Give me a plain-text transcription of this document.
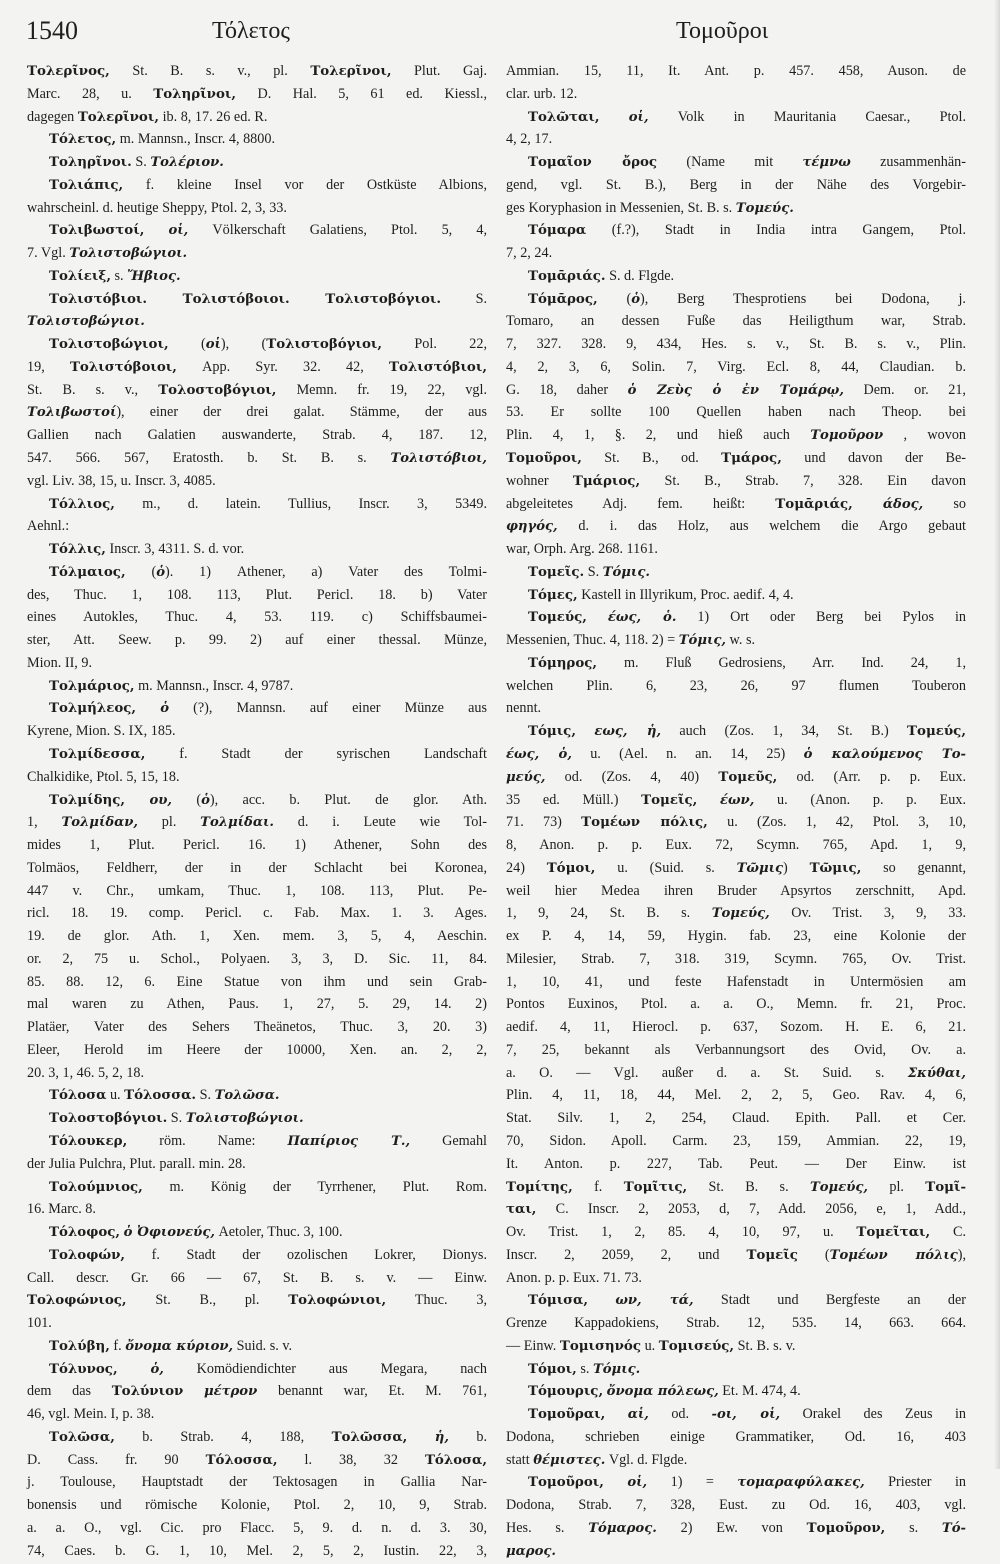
1540	Τόλετος	Τομοῦροι
Τολερῖνος, St. B. s. v., pl. Τολερῖνοι, Plut. Gaj.
Marc. 28, u. Τοληρῖνοι, D. Hal. 5, 61 ed. Kiessl.,
dagegen Τολερῖνοι, ib. 8, 17. 26 ed. R.
Τόλετος, m. Mannsn., Inscr. 4, 8800.
Τοληρῖνοι. S. Τολέριον.
Τολιάπις, f. kleine Insel vor der Ostküste Albions,
wahrscheinl. d. heutige Sheppy, Ptol. 2, 3, 33.
Τολιβωστοί, οἱ, Völkerschaft Galatiens, Ptol. 5, 4,
7. Vgl. Τολιστοβώγιοι.
Τολίειξ, s. Ἤβιος.
Τολιστόβιοι. Τολιστόβοιοι. Τολιστοβόγιοι. S.
Τολιστοβώγιοι.
Τολιστοβώγιοι, (οἱ), (Τολιστοβόγιοι, Pol. 22,
19, Τολιστόβοιοι, App. Syr. 32. 42, Τολιστόβιοι,
St. B. s. v., Τολοστοβόγιοι, Memn. fr. 19, 22, vgl.
Τολιβωστοί), einer der drei galat. Stämme, der aus
Gallien nach Galatien auswanderte, Strab. 4, 187. 12,
547. 566. 567, Eratosth. b. St. B. s. Τολιστόβιοι,
vgl. Liv. 38, 15, u. Inscr. 3, 4085.
Τόλλιος, m., d. latein. Tullius, Inscr. 3, 5349.
Aehnl.:
Τόλλις, Inscr. 3, 4311. S. d. vor.
Τόλμαιος, (ὁ). 1) Athener, a) Vater des Tolmi-
des, Thuc. 1, 108. 113, Plut. Pericl. 18. b) Vater
eines Autokles, Thuc. 4, 53. 119. c) Schiffsbaumei-
ster, Att. Seew. p. 99. 2) auf einer thessal. Münze,
Mion. II, 9.
Τολμάριος, m. Mannsn., Inscr. 4, 9787.
Τολμήλεος, ὁ (?), Mannsn. auf einer Münze aus
Kyrene, Mion. S. IX, 185.
Τολμίδεσσα, f. Stadt der syrischen Landschaft
Chalkidike, Ptol. 5, 15, 18.
Τολμίδης, ου, (ὁ), acc. b. Plut. de glor. Ath.
1, Τολμίδαν, pl. Τολμίδαι. d. i. Leute wie Tol-
mides 1, Plut. Pericl. 16. 1) Athener, Sohn des
Tolmäos, Feldherr, der in der Schlacht bei Koronea,
447 v. Chr., umkam, Thuc. 1, 108. 113, Plut. Pe-
ricl. 18. 19. comp. Pericl. c. Fab. Max. 1. 3. Ages.
19. de glor. Ath. 1, Xen. mem. 3, 5, 4, Aeschin.
or. 2, 75 u. Schol., Polyaen. 3, 3, D. Sic. 11, 84.
85. 88. 12, 6. Eine Statue von ihm und sein Grab-
mal waren zu Athen, Paus. 1, 27, 5. 29, 14. 2)
Platäer, Vater des Sehers Theänetos, Thuc. 3, 20. 3)
Eleer, Herold im Heere der 10000, Xen. an. 2, 2,
20. 3, 1, 46. 5, 2, 18.
Τόλοσα u. Τόλοσσα. S. Τολῶσα.
Τολοστοβόγιοι. S. Τολιστοβώγιοι.
Τόλουκερ, röm. Name: Παπίριος Τ., Gemahl
der Julia Pulchra, Plut. parall. min. 28.
Τολούμνιος, m. König der Tyrrhener, Plut. Rom.
16. Marc. 8.
Τόλοφος, ὁ Ὀφιονεύς, Aetoler, Thuc. 3, 100.
Τολοφών, f. Stadt der ozolischen Lokrer, Dionys.
Call. descr. Gr. 66 — 67, St. B. s. v. — Einw.
Τολοφώνιος, St. B., pl. Τολοφώνιοι, Thuc. 3,
101.
Τολύβη, f. ὄνομα κύριον, Suid. s. v.
Τόλυνος, ὁ, Komödiendichter aus Megara, nach
dem das Τολύνιον μέτρον benannt war, Et. M. 761,
46, vgl. Mein. I, p. 38.
Τολῶσα, b. Strab. 4, 188, Τολῶσσα, ἡ, b.
D. Cass. fr. 90 Τόλοσσα, l. 38, 32 Τόλοσα,
j. Toulouse, Hauptstadt der Tektosagen in Gallia Nar-
bonensis und römische Kolonie, Ptol. 2, 10, 9, Strab.
a. a. O., vgl. Cic. pro Flacc. 5, 9. d. n. d. 3. 30,
74, Caes. b. G. 1, 10, Mel. 2, 5, 2, Iustin. 22, 3,
Ammian. 15, 11, It. Ant. p. 457. 458, Auson. de
clar. urb. 12.
Τολῶται, οἱ, Volk in Mauritania Caesar., Ptol.
4, 2, 17.
Τομαῖον ὄρος (Name mit τέμνω zusammenhän-
gend, vgl. St. B.), Berg in der Nähe des Vorgebir-
ges Koryphasion in Messenien, St. B. s. Τομεύς.
Τόμαρα (f.?), Stadt in India intra Gangem, Ptol.
7, 2, 24.
Τομᾱριάς. S. d. Flgde.
Τόμᾱρος, (ὁ), Berg Thesprotiens bei Dodona, j.
Tomaro, an dessen Fuße das Heiligthum war, Strab.
7, 327. 328. 9, 434, Hes. s. v., St. B. s. v., Plin.
4, 2, 3, 6, Solin. 7, Virg. Ecl. 8, 44, Claudian. b.
G. 18, daher ὁ Ζεὺς ὁ ἐν Τομάρῳ, Dem. or. 21,
53. Er sollte 100 Quellen haben nach Theop. bei
Plin. 4, 1, §. 2, und hieß auch Τομοῦρον , wovon
Τομοῦροι, St. B., od. Τμάρος, und davon der Be-
wohner Τμάριος, St. B., Strab. 7, 328. Ein davon
abgeleitetes Adj. fem. heißt: Τομᾱριάς, άδος, so
φηγός, d. i. das Holz, aus welchem die Argo gebaut
war, Orph. Arg. 268. 1161.
Τομεῖς. S. Τόμις.
Τόμες, Kastell in Illyrikum, Proc. aedif. 4, 4.
Τομεύς, έως, ὁ. 1) Ort oder Berg bei Pylos in
Messenien, Thuc. 4, 118. 2) = Τόμις, w. s.
Τόμηρος, m. Fluß Gedrosiens, Arr. Ind. 24, 1,
welchen Plin. 6, 23, 26, 97 flumen Touberon
nennt.
Τόμις, εως, ἡ, auch (Zos. 1, 34, St. B.) Τομεύς,
έως, ὁ, u. (Ael. n. an. 14, 25) ὁ καλούμενος Το-
μεύς, od. (Zos. 4, 40) Τομεῦς, od. (Arr. p. p. Eux.
35 ed. Müll.) Τομεῖς, έων, u. (Anon. p. p. Eux.
71. 73) Τομέων πόλις, u. (Zos. 1, 42, Ptol. 3, 10,
8, Anon. p. p. Eux. 72, Scymn. 765, Apd. 1, 9,
24) Τόμοι, u. (Suid. s. Τῶμις) Τῶμις, so genannt,
weil hier Medea ihren Bruder Apsyrtos zerschnitt, Apd.
1, 9, 24, St. B. s. Τομεύς, Ov. Trist. 3, 9, 33.
ex P. 4, 14, 59, Hygin. fab. 23, eine Kolonie der
Milesier, Strab. 7, 318. 319, Scymn. 765, Ov. Trist.
1, 10, 41, und feste Hafenstadt in Untermösien am
Pontos Euxinos, Ptol. a. a. O., Memn. fr. 21, Proc.
aedif. 4, 11, Hierocl. p. 637, Sozom. H. E. 6, 21.
7, 25, bekannt als Verbannungsort des Ovid, Ov. a.
a. O. — Vgl. außer d. a. St. Suid. s. Σκύθαι,
Plin. 4, 11, 18, 44, Mel. 2, 2, 5, Geo. Rav. 4, 6,
Stat. Silv. 1, 2, 254, Claud. Epith. Pall. et Cer.
70, Sidon. Apoll. Carm. 23, 159, Ammian. 22, 19,
It. Anton. p. 227, Tab. Peut. — Der Einw. ist
Τομίτης, f. Τομῖτις, St. B. s. Τομεύς, pl. Τομῖ-
ται, C. Inscr. 2, 2053, d, 7, Add. 2056, e, 1, Add.,
Ov. Trist. 1, 2, 85. 4, 10, 97, u. Τομεῖται, C.
Inscr. 2, 2059, 2, und Τομεῖς (Τομέων πόλις),
Anon. p. p. Eux. 71. 73.
Τόμισα, ων, τά, Stadt und Bergfeste an der
Grenze Kappadokiens, Strab. 12, 535. 14, 663. 664.
— Einw. Τομισηνός u. Τομισεύς, St. B. s. v.
Τόμοι, s. Τόμις.
Τόμουρις, ὄνομα πόλεως, Et. M. 474, 4.
Τομοῦραι, αἱ, od. -οι, οἱ, Orakel des Zeus in
Dodona, schrieben einige Grammatiker, Od. 16, 403
statt θέμιστες. Vgl. d. Flgde.
Τομοῦροι, οἱ, 1) = τομαραφύλακες, Priester in
Dodona, Strab. 7, 328, Eust. zu Od. 16, 403, vgl.
Hes. s. Τόμαρος. 2) Ew. von Τομοῦρον, s. Τό-
μαρος.
